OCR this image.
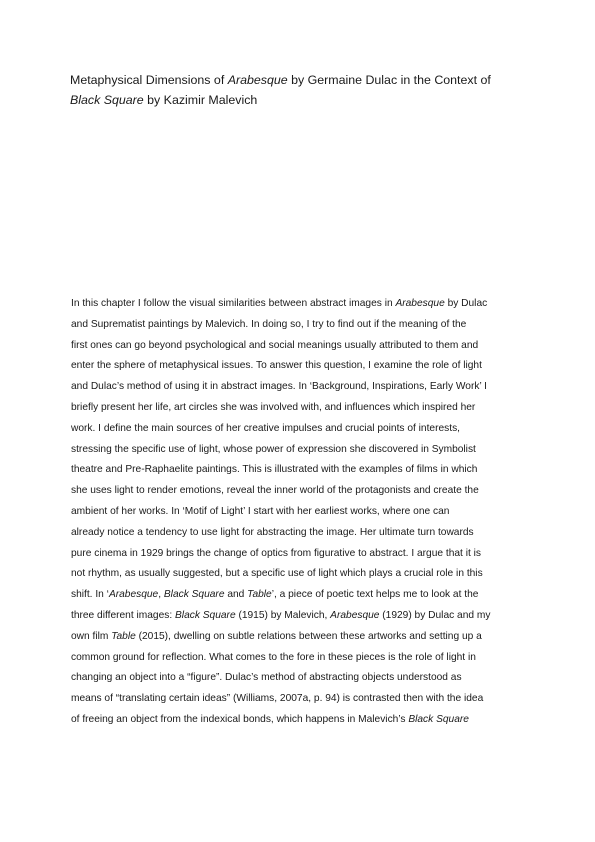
Metaphysical Dimensions of Arabesque by Germaine Dulac in the Context of
Black Square by Kazimir Malevich
In this chapter I follow the visual similarities between abstract images in Arabesque by Dulac
and Suprematist paintings by Malevich. In doing so, I try to find out if the meaning of the
first ones can go beyond psychological and social meanings usually attributed to them and
enter the sphere of metaphysical issues. To answer this question, I examine the role of light
and Dulac’s method of using it in abstract images. In ‘Background, Inspirations, Early Work’ I
briefly present her life, art circles she was involved with, and influences which inspired her
work. I define the main sources of her creative impulses and crucial points of interests,
stressing the specific use of light, whose power of expression she discovered in Symbolist
theatre and Pre-Raphaelite paintings. This is illustrated with the examples of films in which
she uses light to render emotions, reveal the inner world of the protagonists and create the
ambient of her works. In ‘Motif of Light’ I start with her earliest works, where one can
already notice a tendency to use light for abstracting the image. Her ultimate turn towards
pure cinema in 1929 brings the change of optics from figurative to abstract. I argue that it is
not rhythm, as usually suggested, but a specific use of light which plays a crucial role in this
shift. In ‘Arabesque, Black Square and Table’, a piece of poetic text helps me to look at the
three different images: Black Square (1915) by Malevich, Arabesque (1929) by Dulac and my
own film Table (2015), dwelling on subtle relations between these artworks and setting up a
common ground for reflection. What comes to the fore in these pieces is the role of light in
changing an object into a “figure”. Dulac’s method of abstracting objects understood as
means of “translating certain ideas” (Williams, 2007a, p. 94) is contrasted then with the idea
of freeing an object from the indexical bonds, which happens in Malevich’s Black Square
